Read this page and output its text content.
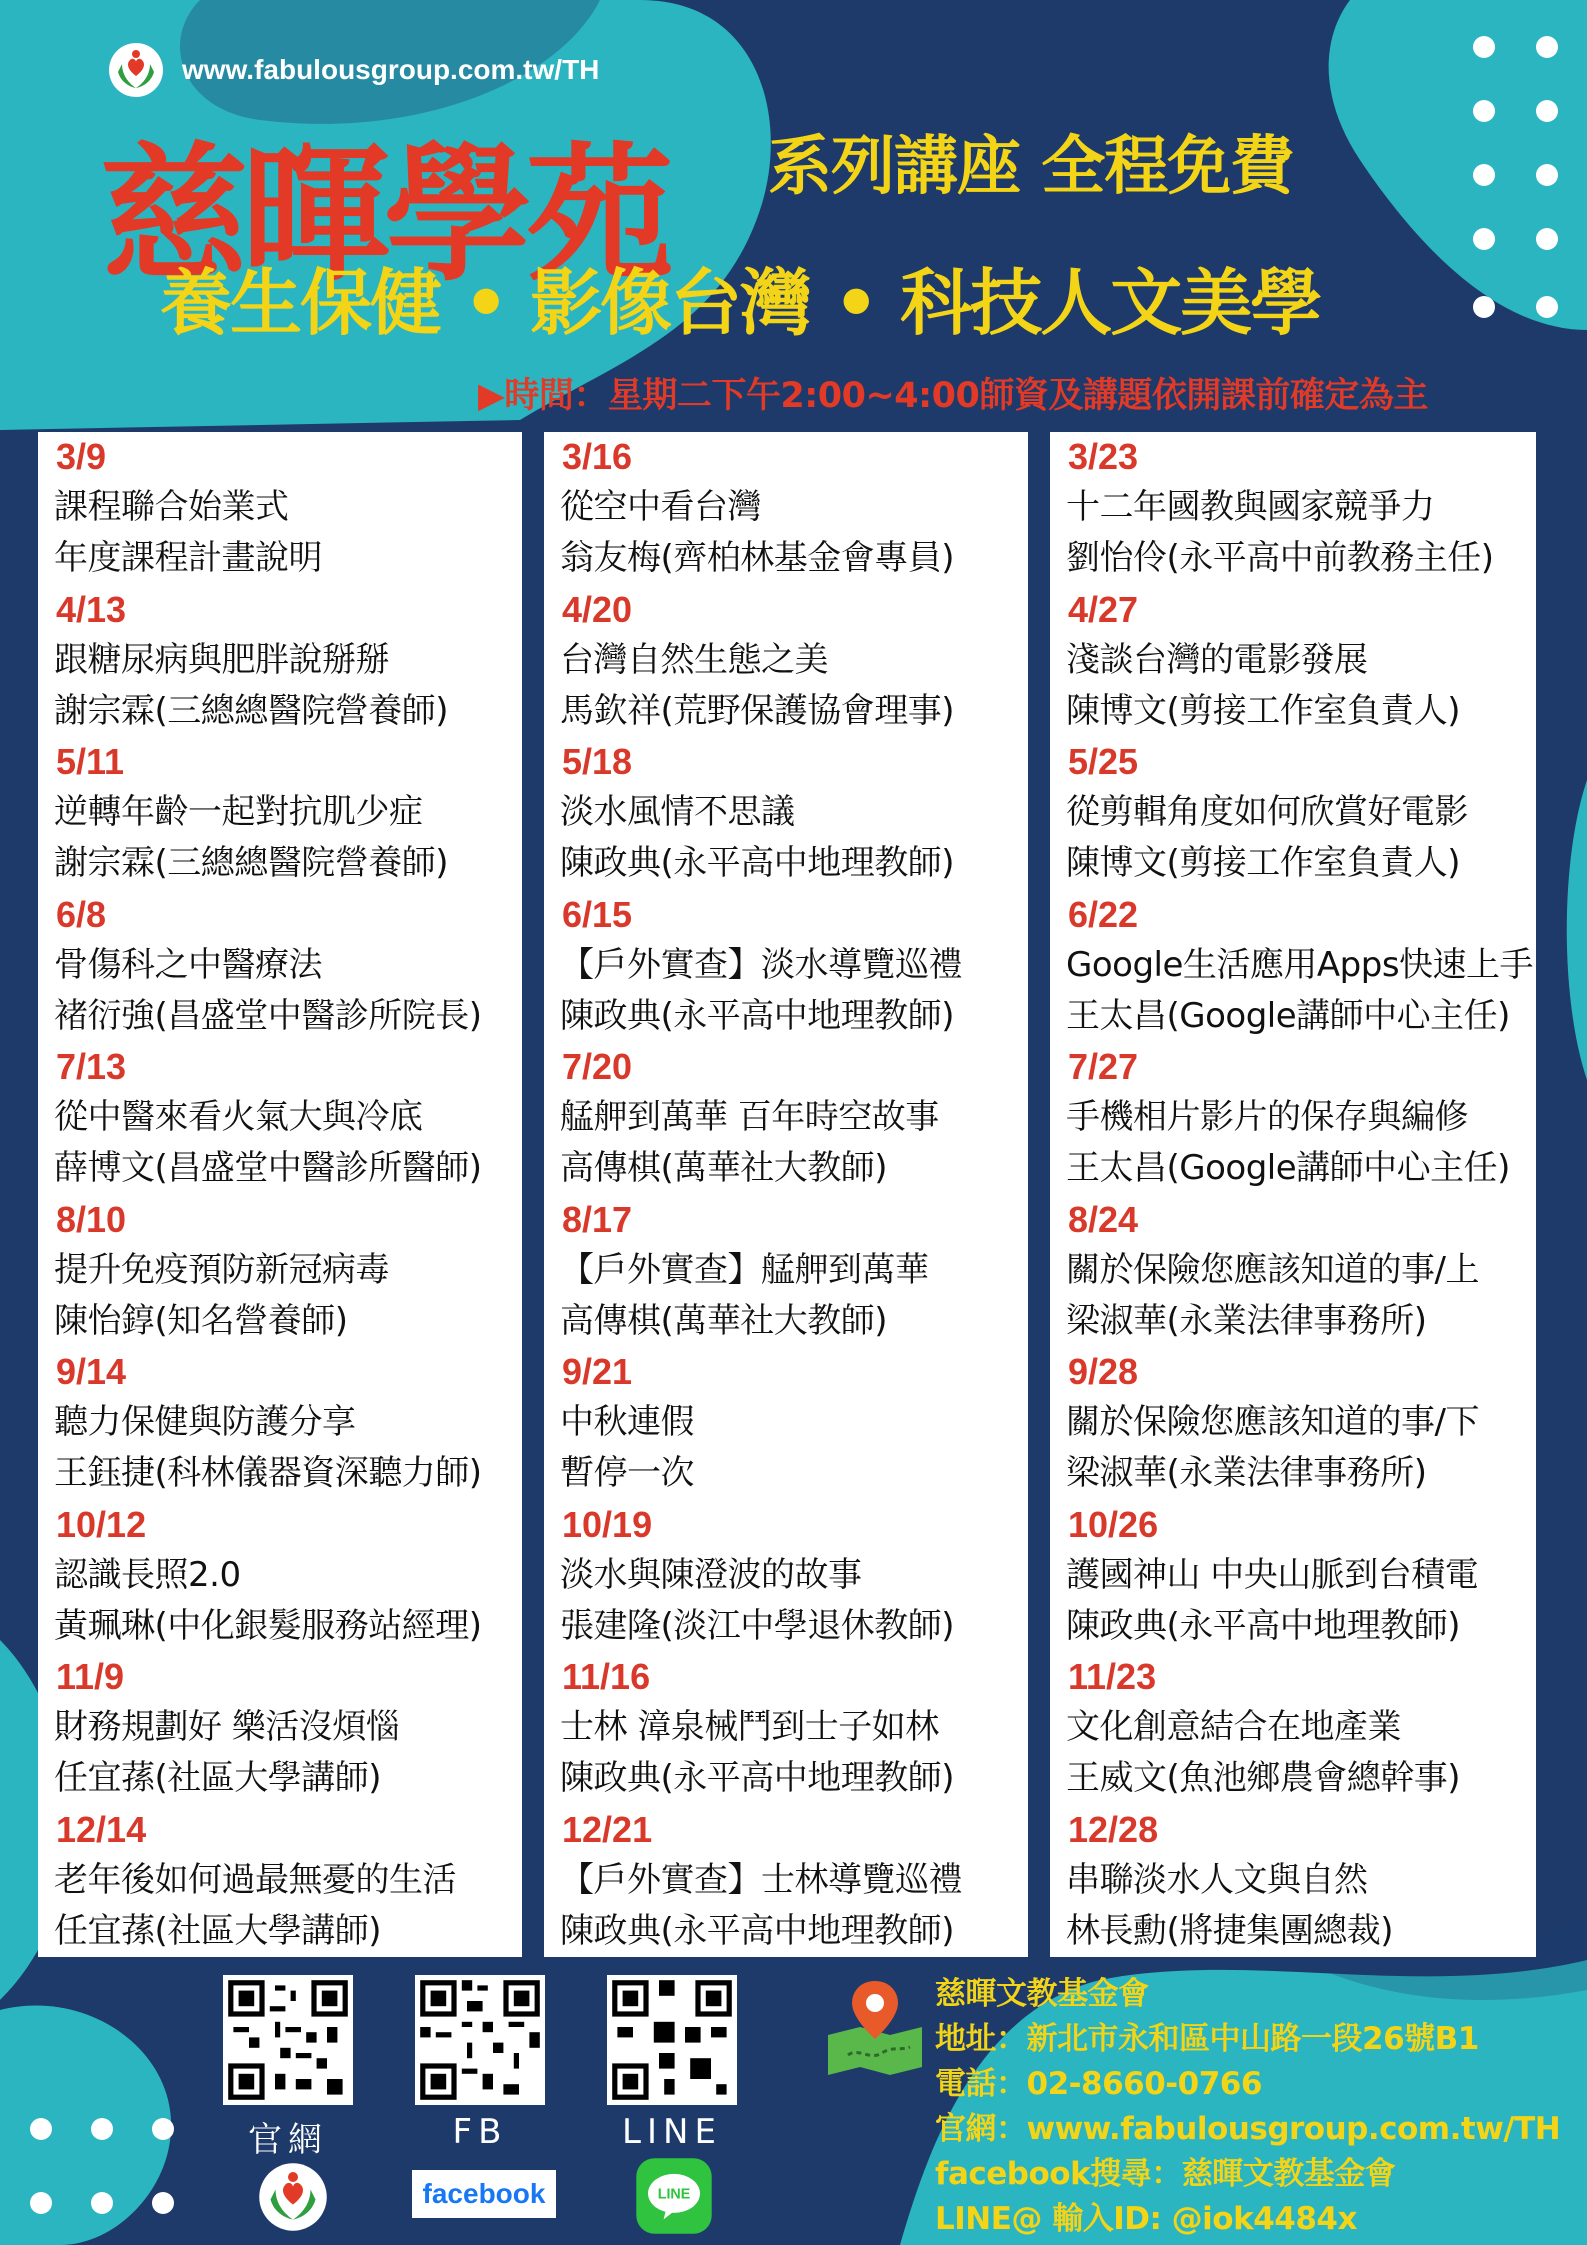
www.fabulousgroup.com.tw/TH
慈暉學苑 系列講座 全程免費
養生保健 • 影像台灣 • 科技人文美學
▶時間：星期二下午2:00~4:00師資及講題依開課前確定為主
3/9
課程聯合始業式
年度課程計畫說明
4/13
跟糖尿病與肥胖說掰掰
謝宗霖(三總總醫院營養師)
5/11
逆轉年齡一起對抗肌少症
謝宗霖(三總總醫院營養師)
6/8
骨傷科之中醫療法
褚衍強(昌盛堂中醫診所院長)
7/13
從中醫來看火氣大與冷底
薛博文(昌盛堂中醫診所醫師)
8/10
提升免疫預防新冠病毒
陳怡錞(知名營養師)
9/14
聽力保健與防護分享
王鈺捷(科林儀器資深聽力師)
10/12
認識長照2.0
黃珮琳(中化銀髮服務站經理)
11/9
財務規劃好 樂活沒煩惱
任宜蓀(社區大學講師)
12/14
老年後如何過最無憂的生活
任宜蓀(社區大學講師)
3/16
從空中看台灣
翁友梅(齊柏林基金會專員)
4/20
台灣自然生態之美
馬欽祥(荒野保護協會理事)
5/18
淡水風情不思議
陳政典(永平高中地理教師)
6/15
【戶外實查】淡水導覽巡禮
陳政典(永平高中地理教師)
7/20
艋舺到萬華 百年時空故事
高傳棋(萬華社大教師)
8/17
【戶外實查】艋舺到萬華
高傳棋(萬華社大教師)
9/21
中秋連假
暫停一次
10/19
淡水與陳澄波的故事
張建隆(淡江中學退休教師)
11/16
士林 漳泉械鬥到士子如林
陳政典(永平高中地理教師)
12/21
【戶外實查】士林導覽巡禮
陳政典(永平高中地理教師)
3/23
十二年國教與國家競爭力
劉怡伶(永平高中前教務主任)
4/27
淺談台灣的電影發展
陳博文(剪接工作室負責人)
5/25
從剪輯角度如何欣賞好電影
陳博文(剪接工作室負責人)
6/22
Google生活應用Apps快速上手
王太昌(Google講師中心主任)
7/27
手機相片影片的保存與編修
王太昌(Google講師中心主任)
8/24
關於保險您應該知道的事/上
梁淑華(永業法律事務所)
9/28
關於保險您應該知道的事/下
梁淑華(永業法律事務所)
10/26
護國神山 中央山脈到台積電
陳政典(永平高中地理教師)
11/23
文化創意結合在地產業
王威文(魚池鄉農會總幹事)
12/28
串聯淡水人文與自然
林長勳(將捷集團總裁)
官網	FB	LINE
facebook	LINE
慈暉文教基金會
地址：新北市永和區中山路一段26號B1
電話：02-8660-0766
官網：www.fabulousgroup.com.tw/TH
facebook搜尋：慈暉文教基金會
LINE@ 輸入ID: @iok4484x
